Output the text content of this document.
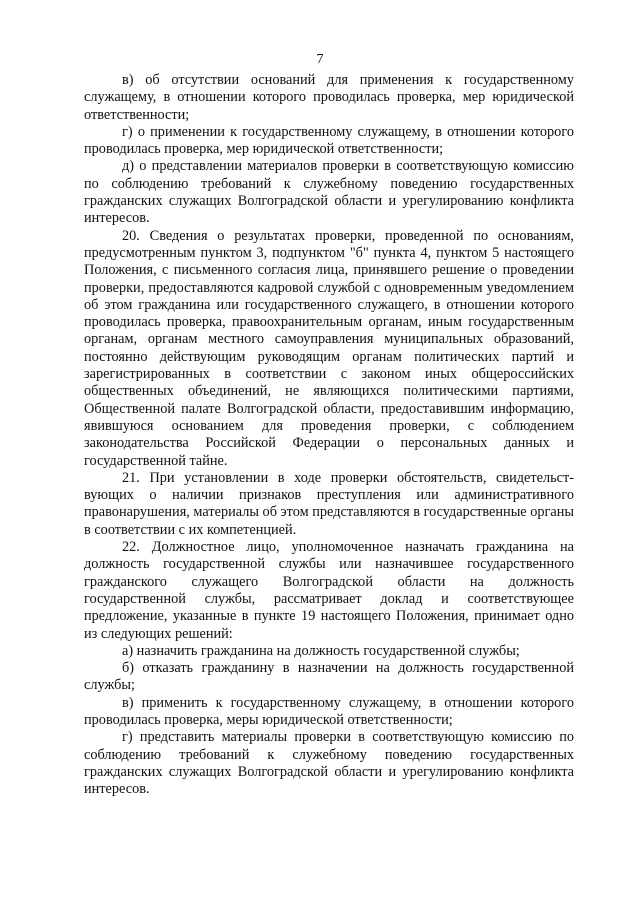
7

в) об отсутствии оснований для применения к государственному служащему, в отношении которого проводилась проверка, мер юридической ответственности;

г) о применении к государственному служащему, в отношении которого проводилась проверка, мер юридической ответственности;

д) о представлении материалов проверки в соответствующую комиссию по соблюдению требований к служебному поведению государственных гражданских служащих Волгоградской области и урегулированию конфликта интересов.

20. Сведения о результатах проверки, проведенной по основаниям, предусмотренным пунктом 3, подпунктом "б" пункта 4, пунктом 5 настоящего Положения, с письменного согласия лица, принявшего решение о проведении проверки, предоставляются кадровой службой с одновременным уведомлением об этом гражданина или государственного служащего, в отношении которого проводилась проверка, правоохранительным органам, иным государственным органам, органам местного самоуправления муниципальных образований, постоянно действующим руководящим органам политических партий и зарегистрированных в соответствии с законом иных общероссийских общественных объединений, не являющихся политическими партиями, Общественной палате Волгоградской области, предоставившим информацию, явившуюся основанием для проведения проверки, с соблюдением законодательства Российской Федерации о персональных данных и государственной тайне.

21. При установлении в ходе проверки обстоятельств, свидетельствующих о наличии признаков преступления или административного правонарушения, материалы об этом представляются в государственные органы в соответствии с их компетенцией.

22. Должностное лицо, уполномоченное назначать гражданина на должность государственной службы или назначившее государственного гражданского служащего Волгоградской области на должность государственной службы, рассматривает доклад и соответствующее предложение, указанные в пункте 19 настоящего Положения, принимает одно из следующих решений:

а) назначить гражданина на должность государственной службы;

б) отказать гражданину в назначении на должность государственной службы;

в) применить к государственному служащему, в отношении которого проводилась проверка, меры юридической ответственности;

г) представить материалы проверки в соответствующую комиссию по соблюдению требований к служебному поведению государственных гражданских служащих Волгоградской области и урегулированию конфликта интересов.
